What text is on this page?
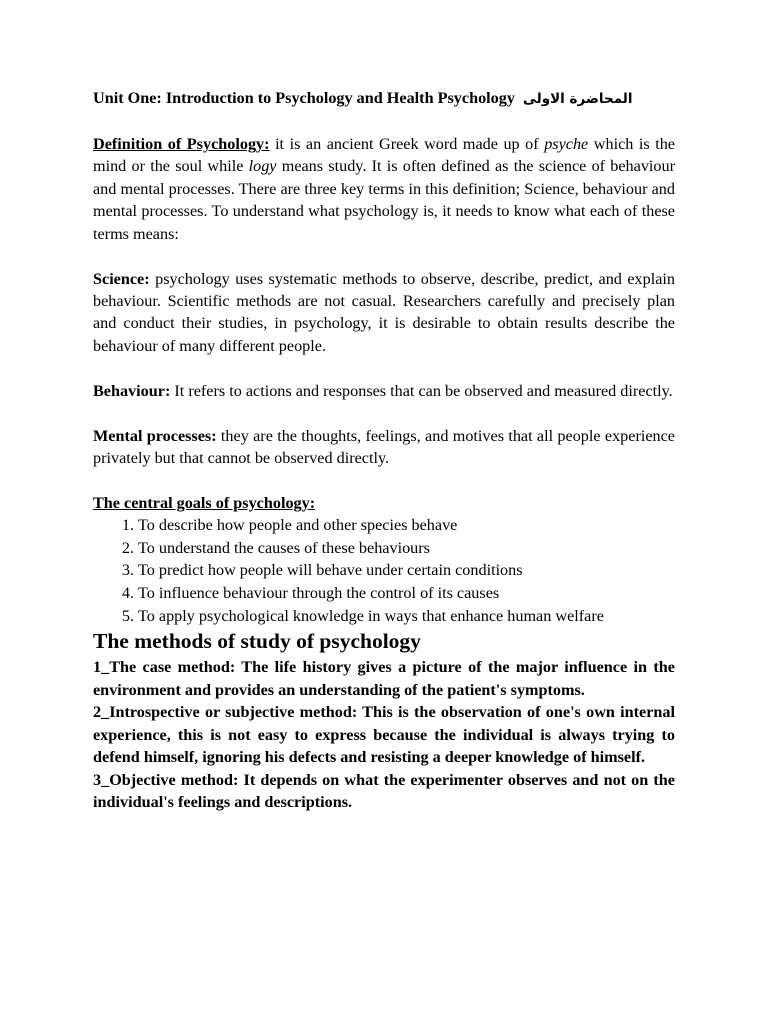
Unit One: Introduction to Psychology and Health Psychology المحاضرة الاولى

Definition of Psychology: it is an ancient Greek word made up of psyche which is the mind or the soul while logy means study. It is often defined as the science of behaviour and mental processes. There are three key terms in this definition; Science, behaviour and mental processes. To understand what psychology is, it needs to know what each of these terms means:

Science: psychology uses systematic methods to observe, describe, predict, and explain behaviour. Scientific methods are not casual. Researchers carefully and precisely plan and conduct their studies, in psychology, it is desirable to obtain results describe the behaviour of many different people.

Behaviour: It refers to actions and responses that can be observed and measured directly.

Mental processes: they are the thoughts, feelings, and motives that all people experience privately but that cannot be observed directly.

The central goals of psychology:

1. To describe how people and other species behave
2. To understand the causes of these behaviours
3. To predict how people will behave under certain conditions
4. To influence behaviour through the control of its causes
5. To apply psychological knowledge in ways that enhance human welfare

The methods of study of psychology

1_The case method: The life history gives a picture of the major influence in the environment and provides an understanding of the patient's symptoms.

2_Introspective or subjective method: This is the observation of one's own internal experience, this is not easy to express because the individual is always trying to defend himself, ignoring his defects and resisting a deeper knowledge of himself.

3_Objective method: It depends on what the experimenter observes and not on the individual's feelings and descriptions.
